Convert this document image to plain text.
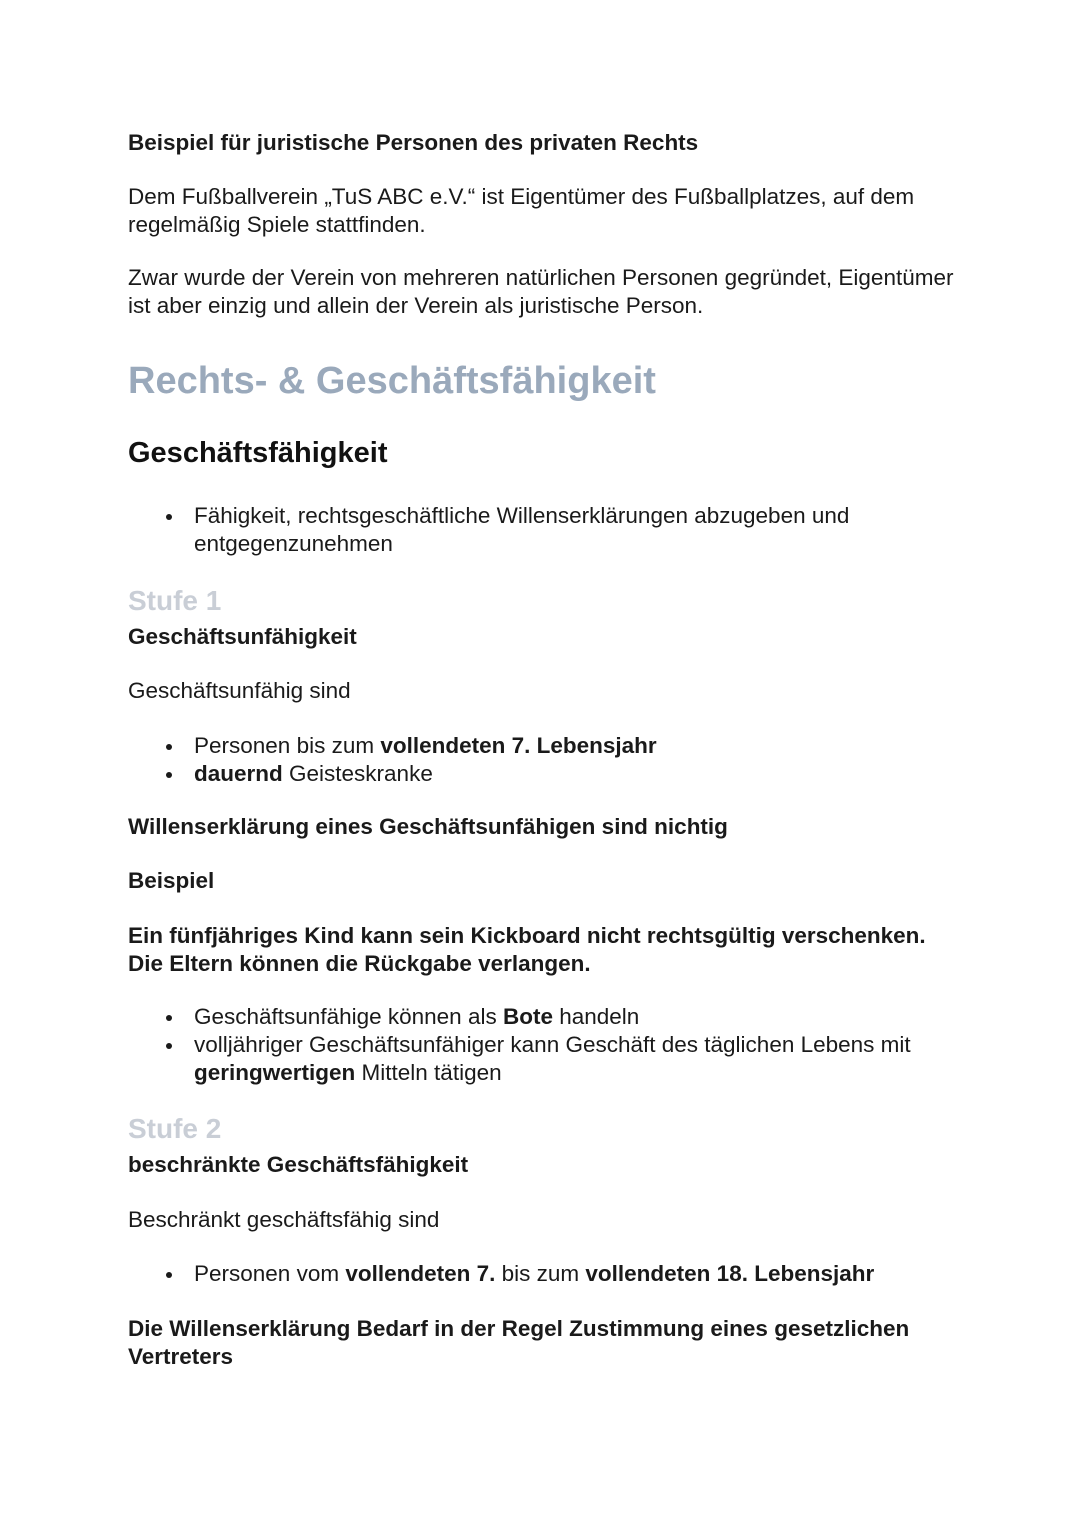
Beispiel für juristische Personen des privaten Rechts

Dem Fußballverein „TuS ABC e.V.“ ist Eigentümer des Fußballplatzes, auf dem regelmäßig Spiele stattfinden.

Zwar wurde der Verein von mehreren natürlichen Personen gegründet, Eigentümer ist aber einzig und allein der Verein als juristische Person.

Rechts- & Geschäftsfähigkeit
Geschäftsfähigkeit
Fähigkeit, rechtsgeschäftliche Willenserklärungen abzugeben und entgegenzunehmen
Stufe 1

Geschäftsunfähigkeit

Geschäftsunfähig sind

Personen bis zum vollendeten 7. Lebensjahr
dauernd Geisteskranke

Willenserklärung eines Geschäftsunfähigen sind nichtig

Beispiel

Ein fünfjähriges Kind kann sein Kickboard nicht rechtsgültig verschenken. Die Eltern können die Rückgabe verlangen.

Geschäftsunfähige können als Bote handeln
volljähriger Geschäftsunfähiger kann Geschäft des täglichen Lebens mit geringwertigen Mitteln tätigen
Stufe 2

beschränkte Geschäftsfähigkeit

Beschränkt geschäftsfähig sind

Personen vom vollendeten 7. bis zum vollendeten 18. Lebensjahr

Die Willenserklärung Bedarf in der Regel Zustimmung eines gesetzlichen Vertreters
